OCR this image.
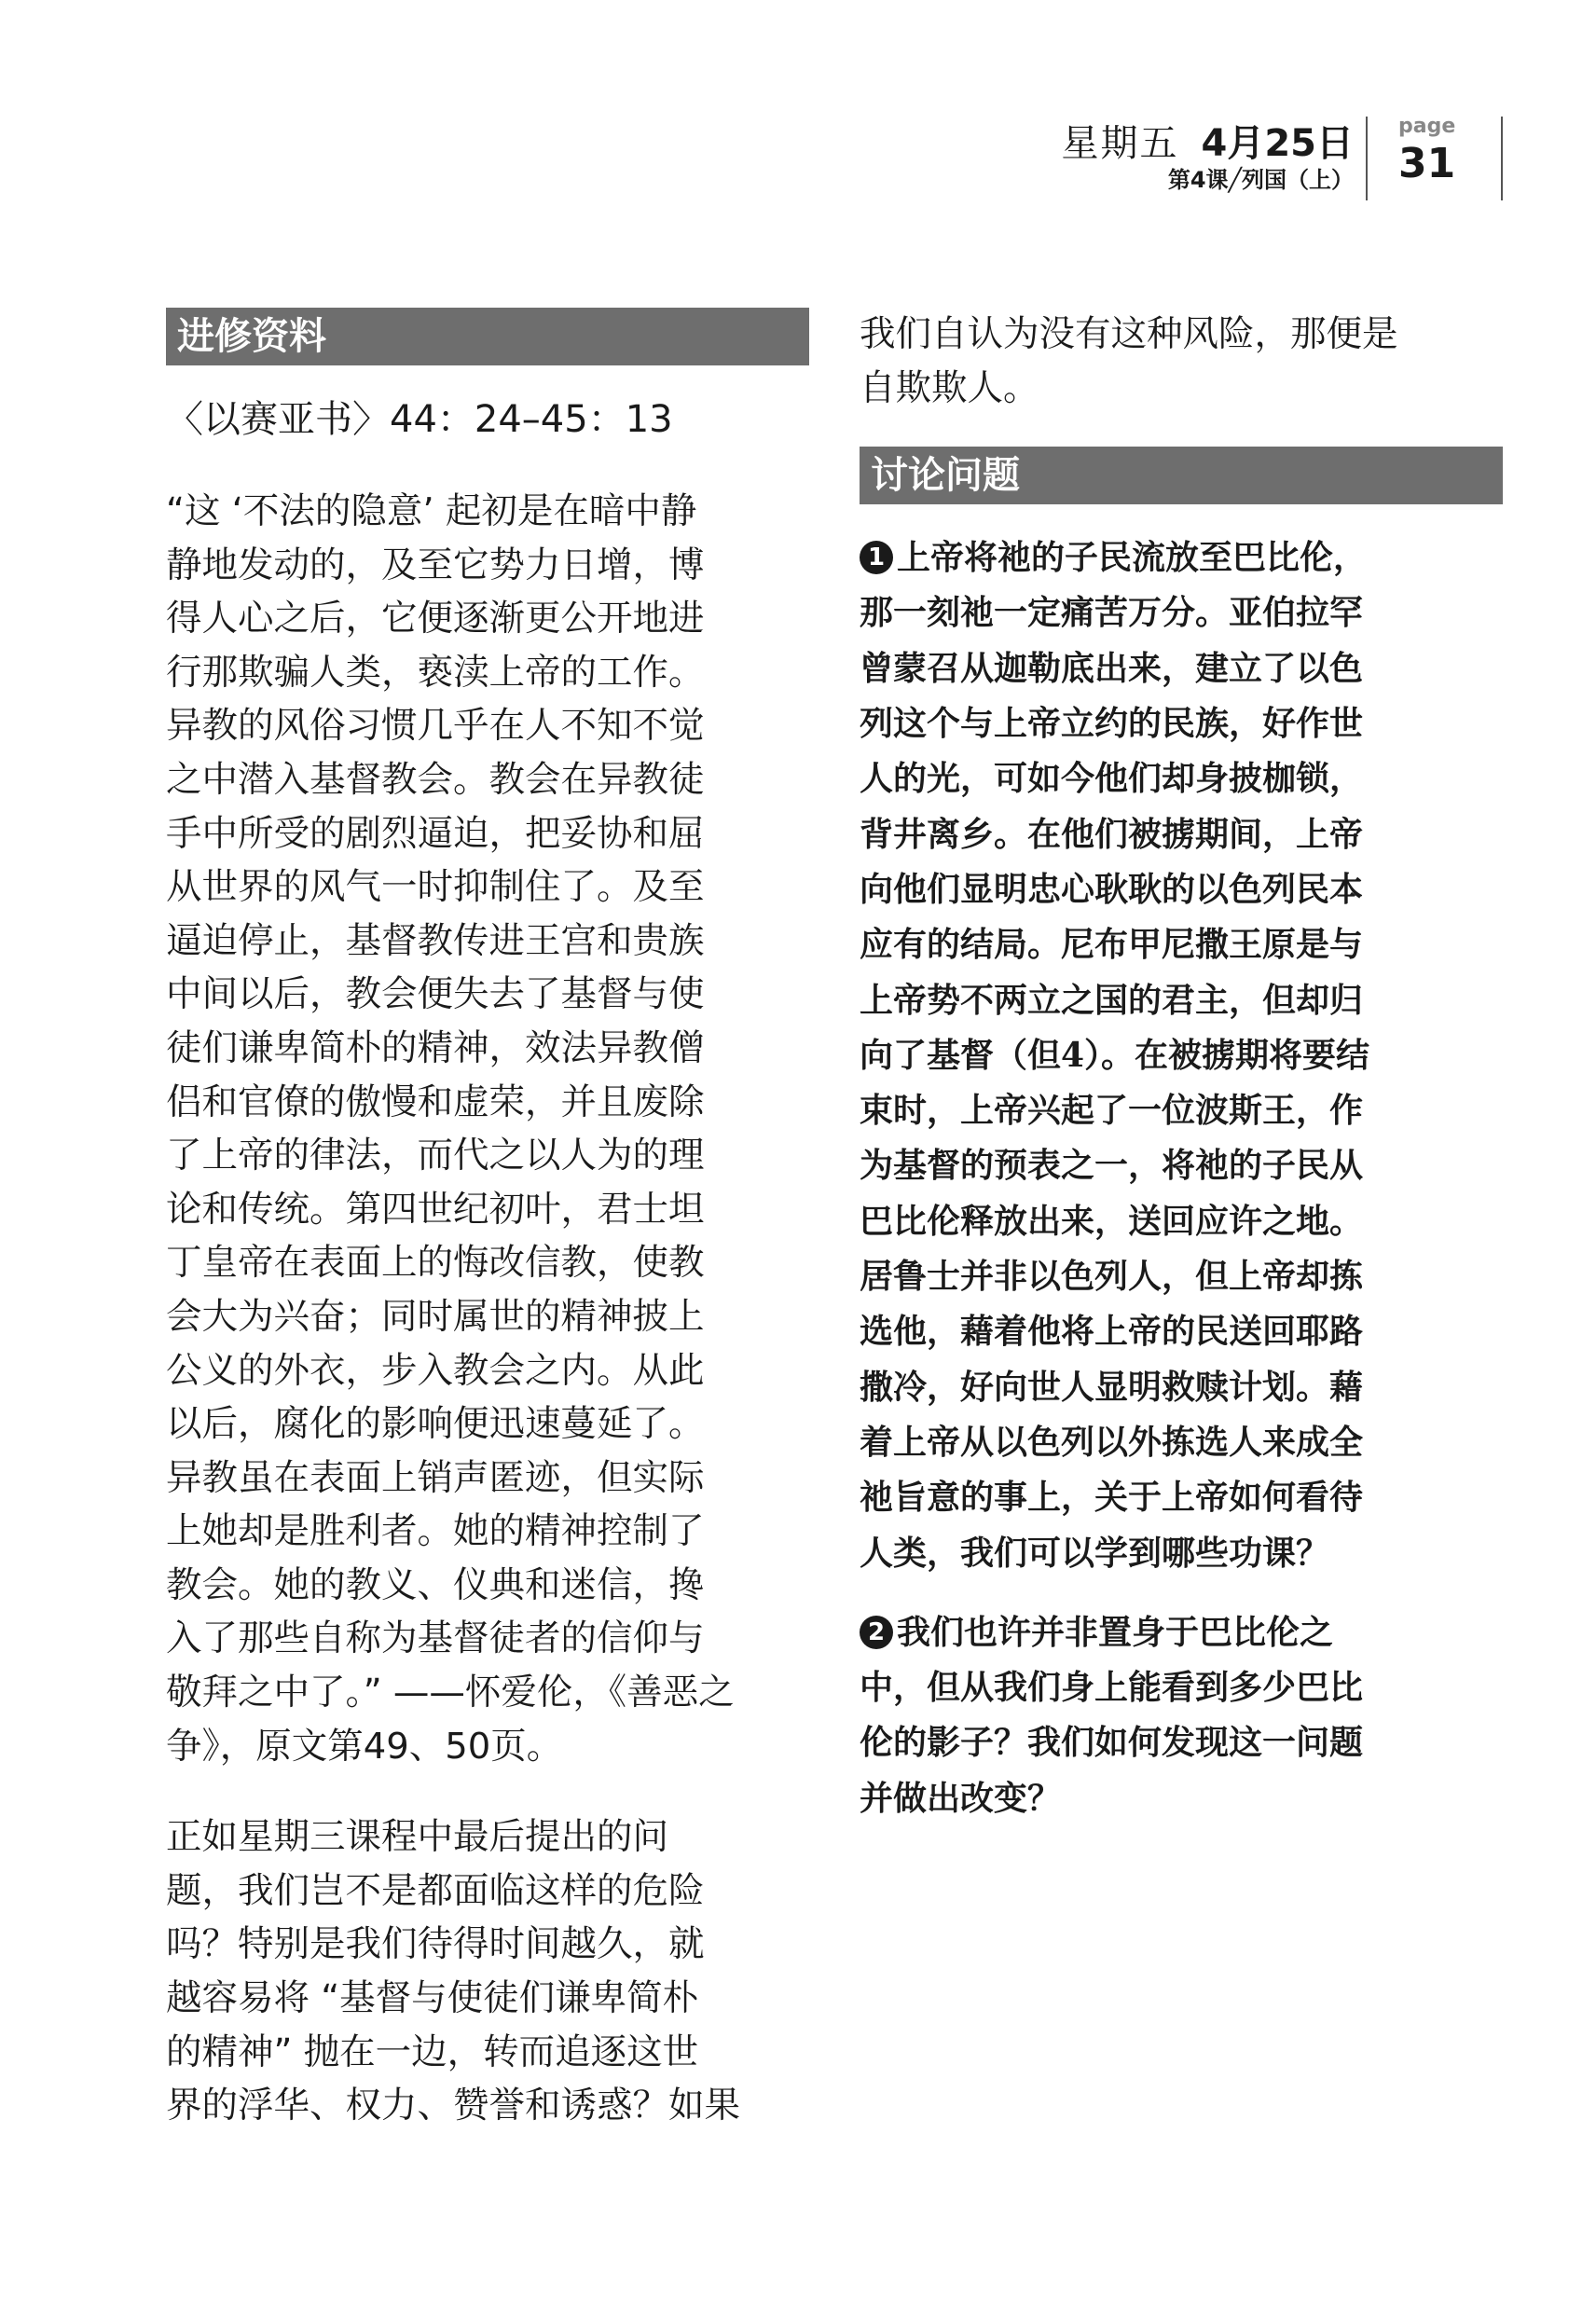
星期五 4月25日
第4课╱列国（上）
page
31
进修资料
〈以赛亚书〉44：24–45：13
“这 ‘不法的隐意’ 起初是在暗中静
静地发动的，及至它势力日增，博
得人心之后，它便逐渐更公开地进
行那欺骗人类，亵渎上帝的工作。
异教的风俗习惯几乎在人不知不觉
之中潜入基督教会。教会在异教徒
手中所受的剧烈逼迫，把妥协和屈
从世界的风气一时抑制住了。及至
逼迫停止，基督教传进王宫和贵族
中间以后，教会便失去了基督与使
徒们谦卑简朴的精神，效法异教僧
侣和官僚的傲慢和虚荣，并且废除
了上帝的律法，而代之以人为的理
论和传统。第四世纪初叶，君士坦
丁皇帝在表面上的悔改信教，使教
会大为兴奋；同时属世的精神披上
公义的外衣，步入教会之内。从此
以后，腐化的影响便迅速蔓延了。
异教虽在表面上销声匿迹，但实际
上她却是胜利者。她的精神控制了
教会。她的教义、仪典和迷信，搀
入了那些自称为基督徒者的信仰与
敬拜之中了。” ——怀爱伦，《善恶之
争》，原文第49、50页。
正如星期三课程中最后提出的问
题，我们岂不是都面临这样的危险
吗？特别是我们待得时间越久，就
越容易将 “基督与使徒们谦卑简朴
的精神” 抛在一边，转而追逐这世
界的浮华、权力、赞誉和诱惑？如果
我们自认为没有这种风险，那便是
自欺欺人。
讨论问题
1 上帝将祂的子民流放至巴比伦，
那一刻祂一定痛苦万分。亚伯拉罕
曾蒙召从迦勒底出来，建立了以色
列这个与上帝立约的民族，好作世
人的光，可如今他们却身披枷锁，
背井离乡。在他们被掳期间，上帝
向他们显明忠心耿耿的以色列民本
应有的结局。尼布甲尼撒王原是与
上帝势不两立之国的君主，但却归
向了基督（但4）。在被掳期将要结
束时，上帝兴起了一位波斯王，作
为基督的预表之一，将祂的子民从
巴比伦释放出来，送回应许之地。
居鲁士并非以色列人，但上帝却拣
选他，藉着他将上帝的民送回耶路
撒冷，好向世人显明救赎计划。藉
着上帝从以色列以外拣选人来成全
祂旨意的事上，关于上帝如何看待
人类，我们可以学到哪些功课？
2 我们也许并非置身于巴比伦之
中，但从我们身上能看到多少巴比
伦的影子？我们如何发现这一问题
并做出改变？
